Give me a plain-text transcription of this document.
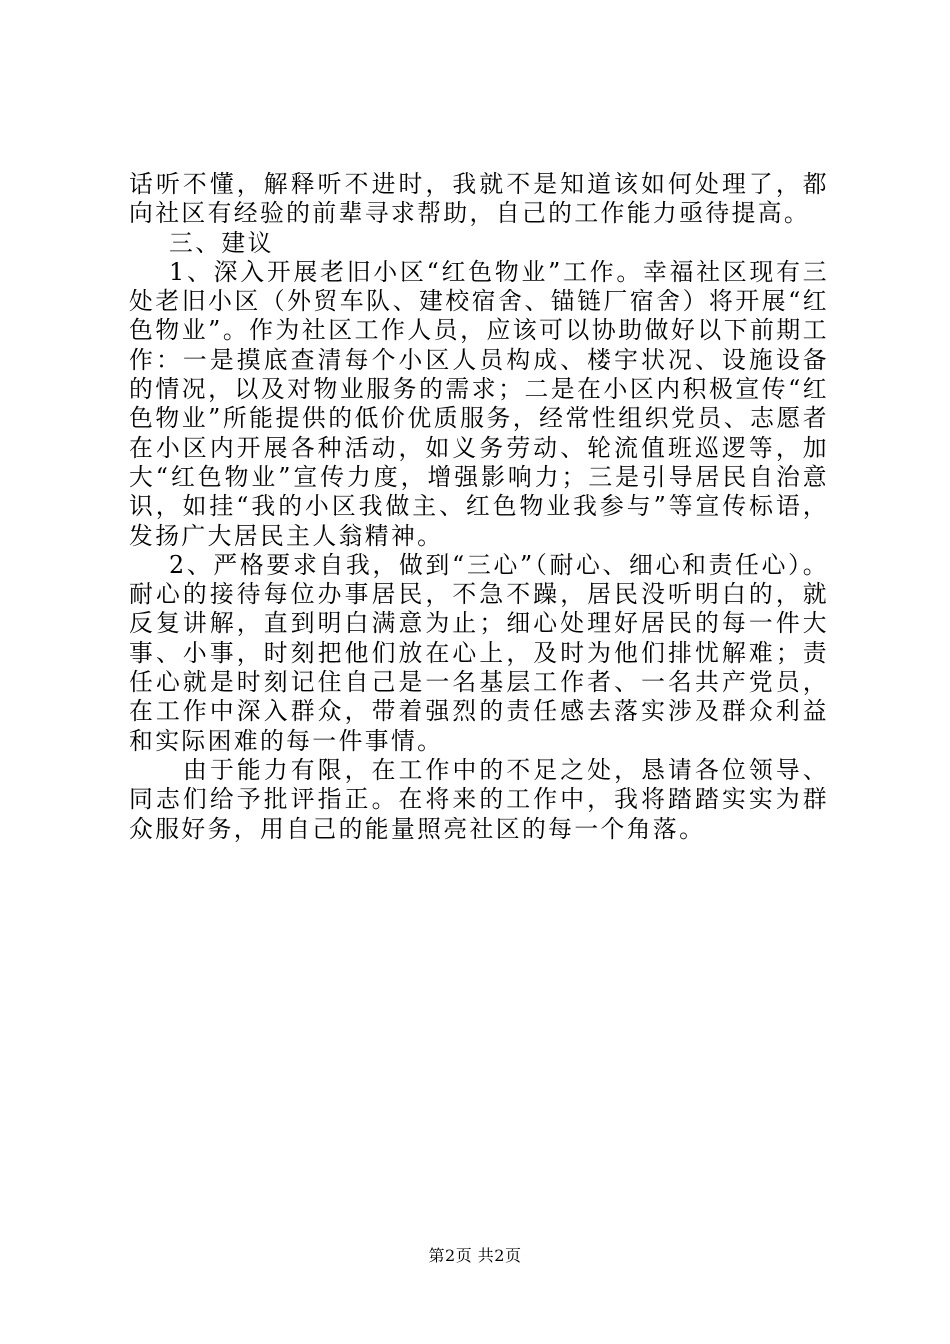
话听不懂，解释听不进时，我就不是知道该如何处理了，都向社区有经验的前辈寻求帮助，自己的工作能力亟待提高。

三、建议

1、深入开展老旧小区“红色物业”工作。幸福社区现有三处老旧小区（外贸车队、建校宿舍、锚链厂宿舍）将开展“红色物业”。作为社区工作人员，应该可以协助做好以下前期工作：一是摸底查清每个小区人员构成、楼宇状况、设施设备的情况，以及对物业服务的需求；二是在小区内积极宣传“红色物业”所能提供的低价优质服务，经常性组织党员、志愿者在小区内开展各种活动，如义务劳动、轮流值班巡逻等，加大“红色物业”宣传力度，增强影响力；三是引导居民自治意识，如挂“我的小区我做主、红色物业我参与”等宣传标语，发扬广大居民主人翁精神。

2、严格要求自我，做到“三心”（耐心、细心和责任心）。耐心的接待每位办事居民，不急不躁，居民没听明白的，就反复讲解，直到明白满意为止；细心处理好居民的每一件大事、小事，时刻把他们放在心上，及时为他们排忧解难；责任心就是时刻记住自己是一名基层工作者、一名共产党员，在工作中深入群众，带着强烈的责任感去落实涉及群众利益和实际困难的每一件事情。

由于能力有限，在工作中的不足之处，恳请各位领导、同志们给予批评指正。在将来的工作中，我将踏踏实实为群众服好务，用自己的能量照亮社区的每一个角落。

第2页 共2页
